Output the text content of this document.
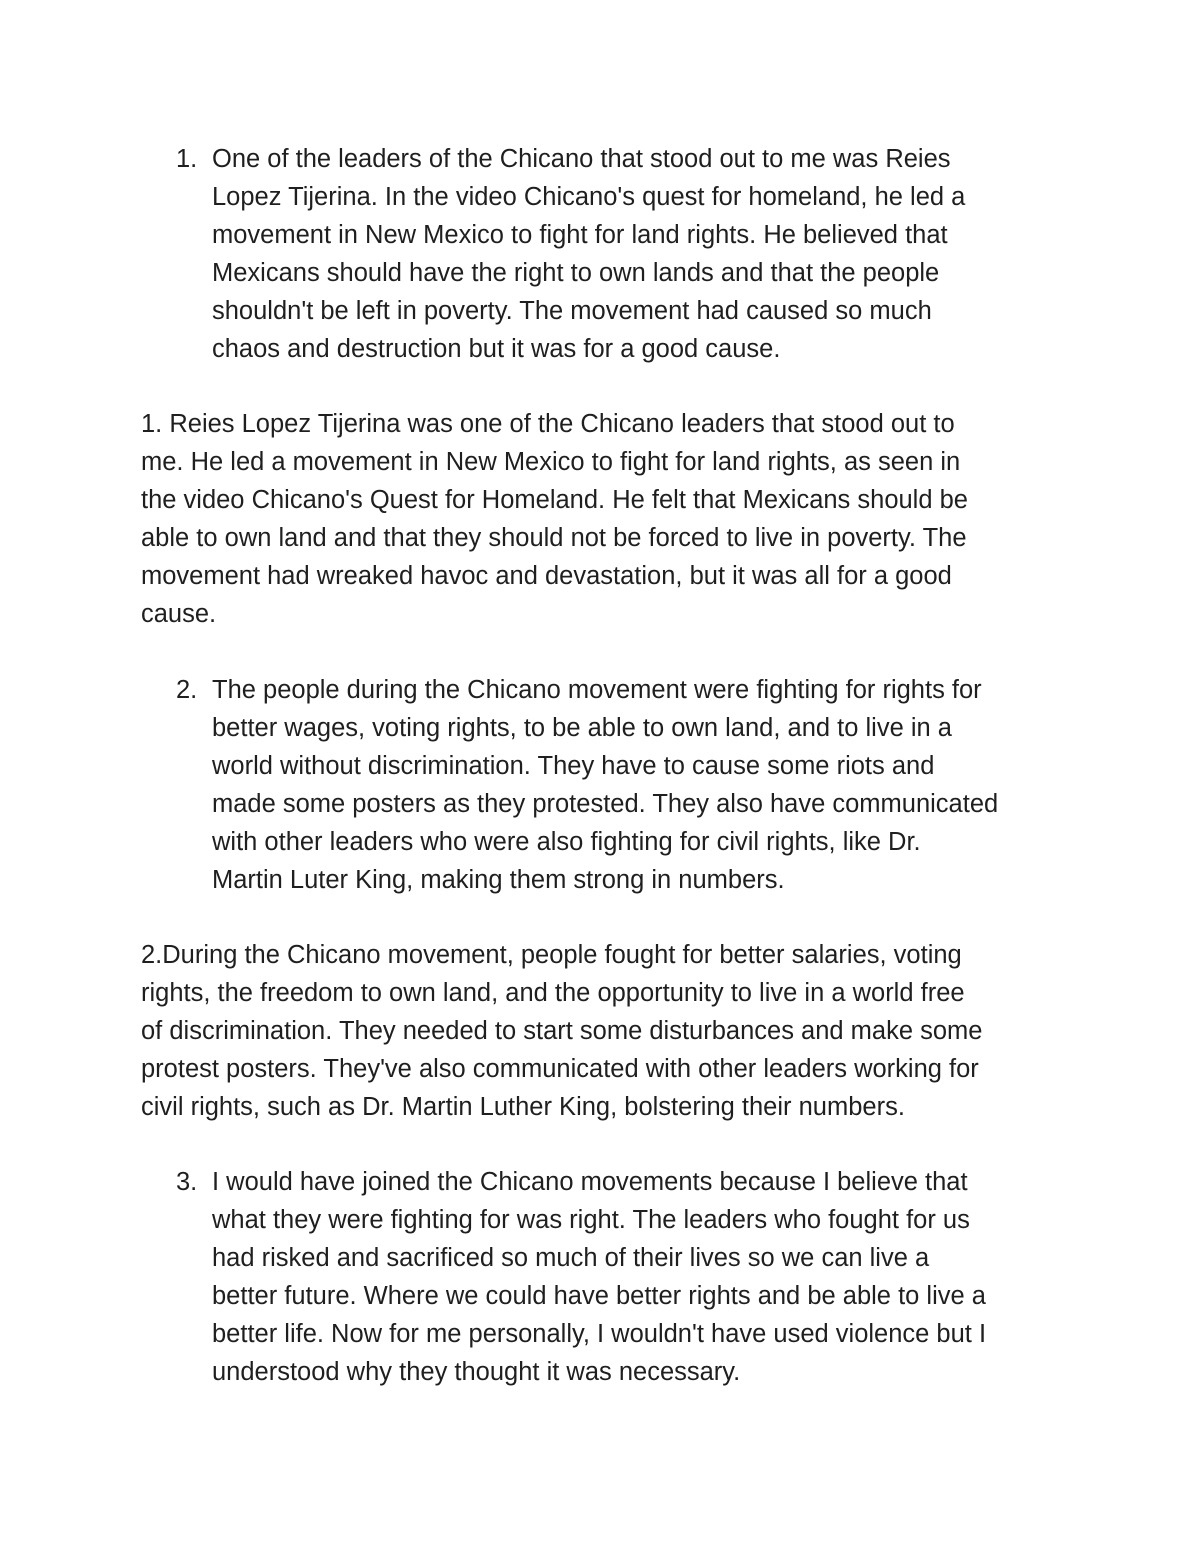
1. One of the leaders of the Chicano that stood out to me was Reies
Lopez Tijerina. In the video Chicano's quest for homeland, he led a
movement in New Mexico to fight for land rights. He believed that
Mexicans should have the right to own lands and that the people
shouldn't be left in poverty. The movement had caused so much
chaos and destruction but it was for a good cause.
1. Reies Lopez Tijerina was one of the Chicano leaders that stood out to
me. He led a movement in New Mexico to fight for land rights, as seen in
the video Chicano's Quest for Homeland. He felt that Mexicans should be
able to own land and that they should not be forced to live in poverty. The
movement had wreaked havoc and devastation, but it was all for a good
cause.
2. The people during the Chicano movement were fighting for rights for
better wages, voting rights, to be able to own land, and to live in a
world without discrimination. They have to cause some riots and
made some posters as they protested. They also have communicated
with other leaders who were also fighting for civil rights, like Dr.
Martin Luter King, making them strong in numbers.
2.During the Chicano movement, people fought for better salaries, voting
rights, the freedom to own land, and the opportunity to live in a world free
of discrimination. They needed to start some disturbances and make some
protest posters. They've also communicated with other leaders working for
civil rights, such as Dr. Martin Luther King, bolstering their numbers.
3. I would have joined the Chicano movements because I believe that
what they were fighting for was right. The leaders who fought for us
had risked and sacrificed so much of their lives so we can live a
better future. Where we could have better rights and be able to live a
better life. Now for me personally, I wouldn't have used violence but I
understood why they thought it was necessary.
